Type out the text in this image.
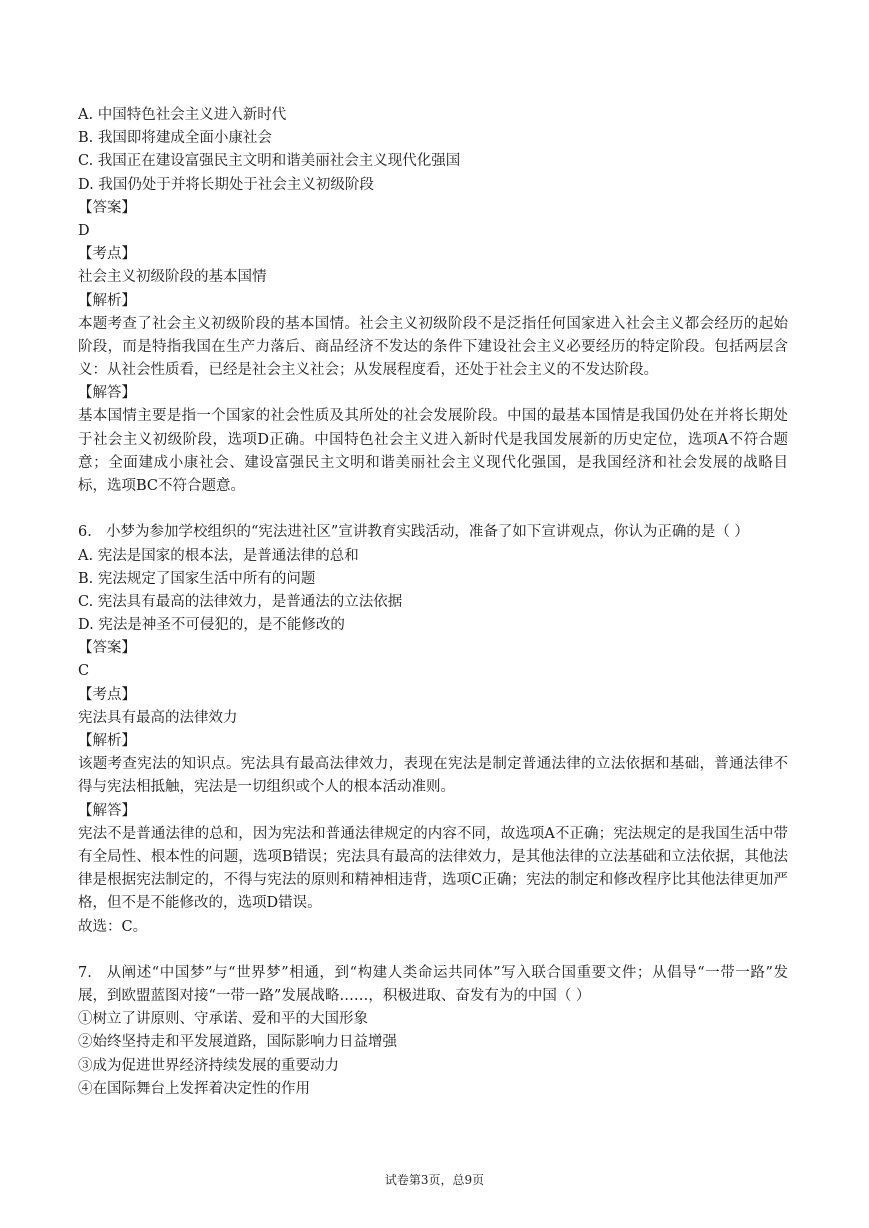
A. 中国特色社会主义进入新时代
B. 我国即将建成全面小康社会
C. 我国正在建设富强民主文明和谐美丽社会主义现代化强国
D. 我国仍处于并将长期处于社会主义初级阶段
【答案】
D
【考点】
社会主义初级阶段的基本国情
【解析】
本题考查了社会主义初级阶段的基本国情。社会主义初级阶段不是泛指任何国家进入社会主义都会经历的起始阶段，而是特指我国在生产力落后、商品经济不发达的条件下建设社会主义必要经历的特定阶段。包括两层含义：从社会性质看，已经是社会主义社会；从发展程度看，还处于社会主义的不发达阶段。
【解答】
基本国情主要是指一个国家的社会性质及其所处的社会发展阶段。中国的最基本国情是我国仍处在并将长期处于社会主义初级阶段，选项D正确。中国特色社会主义进入新时代是我国发展新的历史定位，选项A不符合题意；全面建成小康社会、建设富强民主文明和谐美丽社会主义现代化强国，是我国经济和社会发展的战略目标，选项BC不符合题意。
6. 小梦为参加学校组织的“宪法进社区”宣讲教育实践活动，准备了如下宣讲观点，你认为正确的是（ ）
A. 宪法是国家的根本法，是普通法律的总和
B. 宪法规定了国家生活中所有的问题
C. 宪法具有最高的法律效力，是普通法的立法依据
D. 宪法是神圣不可侵犯的，是不能修改的
【答案】
C
【考点】
宪法具有最高的法律效力
【解析】
该题考查宪法的知识点。宪法具有最高法律效力，表现在宪法是制定普通法律的立法依据和基础，普通法律不得与宪法相抵触，宪法是一切组织或个人的根本活动准则。
【解答】
宪法不是普通法律的总和，因为宪法和普通法律规定的内容不同，故选项A不正确；宪法规定的是我国生活中带有全局性、根本性的问题，选项B错误；宪法具有最高的法律效力，是其他法律的立法基础和立法依据，其他法律是根据宪法制定的，不得与宪法的原则和精神相违背，选项C正确；宪法的制定和修改程序比其他法律更加严格，但不是不能修改的，选项D错误。
故选：C。
7. 从阐述“中国梦”与“世界梦”相通，到“构建人类命运共同体”写入联合国重要文件；从倡导“一带一路”发展，到欧盟蓝图对接“一带一路”发展战略……，积极进取、奋发有为的中国（ ）
①树立了讲原则、守承诺、爱和平的大国形象
②始终坚持走和平发展道路，国际影响力日益增强
③成为促进世界经济持续发展的重要动力
④在国际舞台上发挥着决定性的作用
试卷第3页，总9页
